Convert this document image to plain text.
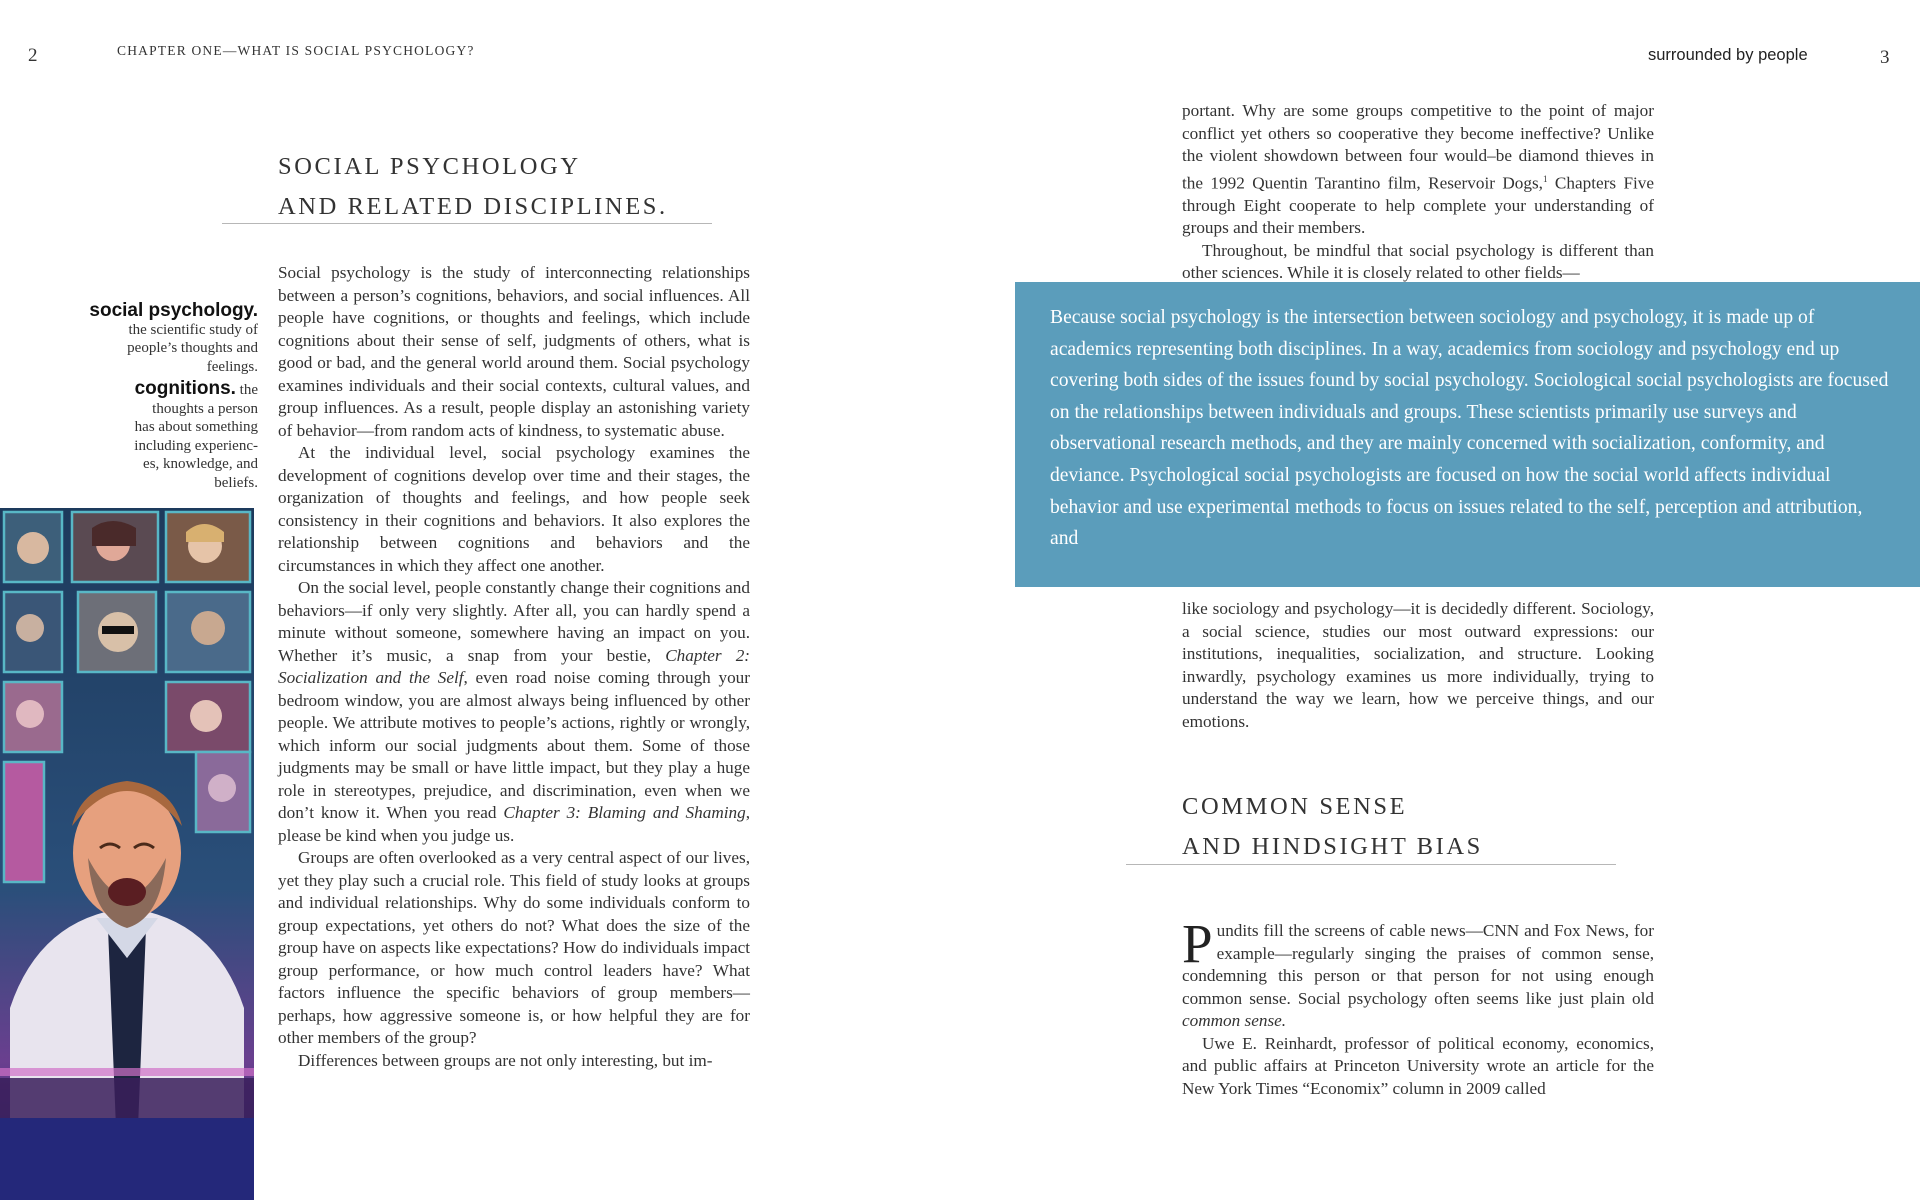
2	CHAPTER ONE—WHAT IS SOCIAL PSYCHOLOGY?
SOCIAL PSYCHOLOGY
AND RELATED DISCIPLINES.
social psychology.
the scientific study of
people’s thoughts and
feelings.
cognitions. the
thoughts a person
has about something
including experienc-
es, knowledge, and
beliefs.

Social psychology is the study of interconnecting relationships between a person’s cognitions, behaviors, and social influences. All people have cognitions, or thoughts and feelings, which include cognitions about their sense of self, judgments of others, what is good or bad, and the general world around them. Social psychology examines individuals and their social contexts, cultural values, and group influences. As a result, people display an astonishing variety of behavior—from random acts of kindness, to systematic abuse.

At the individual level, social psychology examines the development of cognitions develop over time and their stages, the organization of thoughts and feelings, and how people seek consistency in their cognitions and behaviors. It also explores the relationship between cognitions and behaviors and the circumstances in which they affect one another.

On the social level, people constantly change their cognitions and behaviors—if only very slightly. After all, you can hardly spend a minute without someone, somewhere having an impact on you. Whether it’s music, a snap from your bestie, Chapter 2: Socialization and the Self, even road noise coming through your bedroom window, you are almost always being influenced by other people. We attribute motives to people’s actions, rightly or wrongly, which inform our social judgments about them. Some of those judgments may be small or have little impact, but they play a huge role in stereotypes, prejudice, and discrimination, even when we don’t know it. When you read Chapter 3: Blaming and Shaming, please be kind when you judge us.

Groups are often overlooked as a very central aspect of our lives, yet they play such a crucial role. This field of study looks at groups and individual relationships. Why do some individuals conform to group expectations, yet others do not? What does the size of the group have on aspects like expectations? How do individuals impact group performance, or how much control leaders have? What factors influence the specific behaviors of group members—perhaps, how aggressive someone is, or how helpful they are for other members of the group?

Differences between groups are not only interesting, but im-

surrounded by people	3

portant. Why are some groups competitive to the point of major conflict yet others so cooperative they become ineffective? Unlike the violent showdown between four would–be diamond thieves in the 1992 Quentin Tarantino film, Reservoir Dogs,$^1$ Chapters Five through Eight cooperate to help complete your understanding of groups and their members.

Throughout, be mindful that social psychology is different than other sciences. While it is closely related to other fields—

Because social psychology is the intersection between sociology and psychology, it is made up of academics representing both disciplines. In a way, academics from sociology and psychology end up covering both sides of the issues found by social psychology. Sociological social psychologists are focused on the relationships between individuals and groups. These scientists primarily use surveys and observational research methods, and they are mainly concerned with socialization, conformity, and deviance. Psychological social psychologists are focused on how the social world affects individual behavior and use experimental methods to focus on issues related to the self, perception and attribution, and

like sociology and psychology—it is decidedly different. Sociology, a social science, studies our most outward expressions: our institutions, inequalities, socialization, and structure. Looking inwardly, psychology examines us more individually, trying to understand the way we learn, how we perceive things, and our emotions.

COMMON SENSE
AND HINDSIGHT BIAS

Pundits fill the screens of cable news—CNN and Fox News, for example—regularly singing the praises of common sense, condemning this person or that person for not using enough common sense. Social psychology often seems like just plain old common sense.

Uwe E. Reinhardt, professor of political economy, economics, and public affairs at Princeton University wrote an article for the New York Times “Economix” column in 2009 called
